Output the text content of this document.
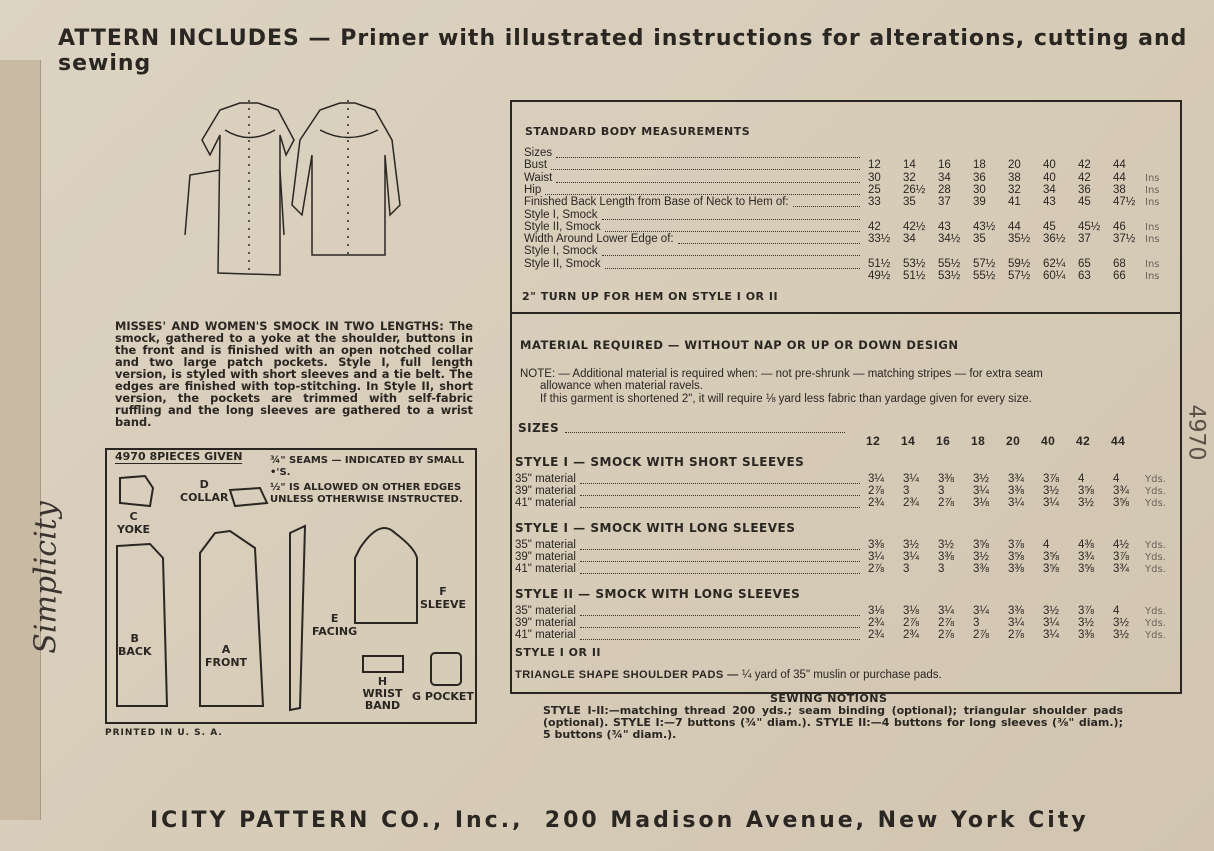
Simplicity
ATTERN INCLUDES — Primer with illustrated instructions for alterations, cutting and sewing
ICITY PATTERN CO., Inc., 200 Madison Avenue, New York City
4970
MISSES' AND WOMEN'S SMOCK IN TWO LENGTHS: The smock, gathered to a yoke at the shoulder, buttons in the front and is finished with an open notched collar and two large patch pockets. Style I, full length version, is styled with short sleeves and a tie belt. The edges are finished with top-stitching. In Style II, short version, the pockets are trimmed with self-fabric ruffling and the long sleeves are gathered to a wrist band.
4970 8PIECES GIVEN	¾" SEAMS — INDICATED BY SMALL •'S.
½" IS ALLOWED ON OTHER EDGES UNLESS OTHERWISE INSTRUCTED.
C
YOKE
D
COLLAR
B
BACK	A
FRONT
E
FACING
F
SLEEVE
H
WRIST BAND
G POCKET
PRINTED IN U. S. A.
STANDARD BODY MEASUREMENTS
Sizes
Bust	12	14	16	18	20	40	42	44
Waist	30	32	34	36	38	40	42	44	Ins
Hip	25	26½	28	30	32	34	36	38	Ins
Finished Back Length from Base of Neck to Hem of:	33	35	37	39	41	43	45	47½ Ins
Style I, Smock
Style II, Smock	42	42½	43	43½	44	45	45½	46	Ins
Width Around Lower Edge of:	33½	34	34½	35	35½	36½	37	37½ Ins
Style I, Smock
Style II, Smock	51½	53½	55½	57½	59½	62¼	65	68	Ins
49½	51½	53½	55½	57½	60¼	63	66	Ins
2" TURN UP FOR HEM ON STYLE I OR II
MATERIAL REQUIRED — WITHOUT NAP OR UP OR DOWN DESIGN
NOTE: — Additional material is required when: — not pre-shrunk — matching stripes — for extra seam
allowance when material ravels.
If this garment is shortened 2", it will require ⅛ yard less fabric than yardage given for every size.
SIZES
12	14	16	18	20	40	42	44
STYLE I — SMOCK WITH SHORT SLEEVES
35" material	3¼	3¼	3⅜	3½	3¾	3⅞	4	4	Yds.
39" material	2⅞	3	3	3¼	3⅜	3½	3⅝	3¾	Yds.
41" material	2¾	2¾	2⅞	3⅛	3¼	3¼	3½	3⅝	Yds.
STYLE I — SMOCK WITH LONG SLEEVES
35" material	3⅜	3½	3½	3⅝	3⅞	4	4⅜	4½	Yds.
39" material	3¼	3¼	3⅜	3½	3⅝	3⅝	3¾	3⅞	Yds.
41" material	2⅞	3	3	3⅜	3⅜	3⅝	3⅝	3¾	Yds.
STYLE II — SMOCK WITH LONG SLEEVES
35" material	3⅛	3⅛	3¼	3¼	3⅜	3½	3⅞	4	Yds.
39" material	2¾	2⅞	2⅞	3	3¼	3¼	3½	3½	Yds.
41" material	2¾	2¾	2⅞	2⅞	2⅞	3¼	3⅜	3½	Yds.
STYLE I OR II
TRIANGLE SHAPE SHOULDER PADS — ¼ yard of 35" muslin or purchase pads.
SEWING NOTIONS
STYLE I-II:—matching thread 200 yds.; seam binding (optional); triangular shoulder pads (optional). STYLE I:—7 buttons (¾" diam.). STYLE II:—4 buttons for long sleeves (⅜" diam.); 5 buttons (¾" diam.).
